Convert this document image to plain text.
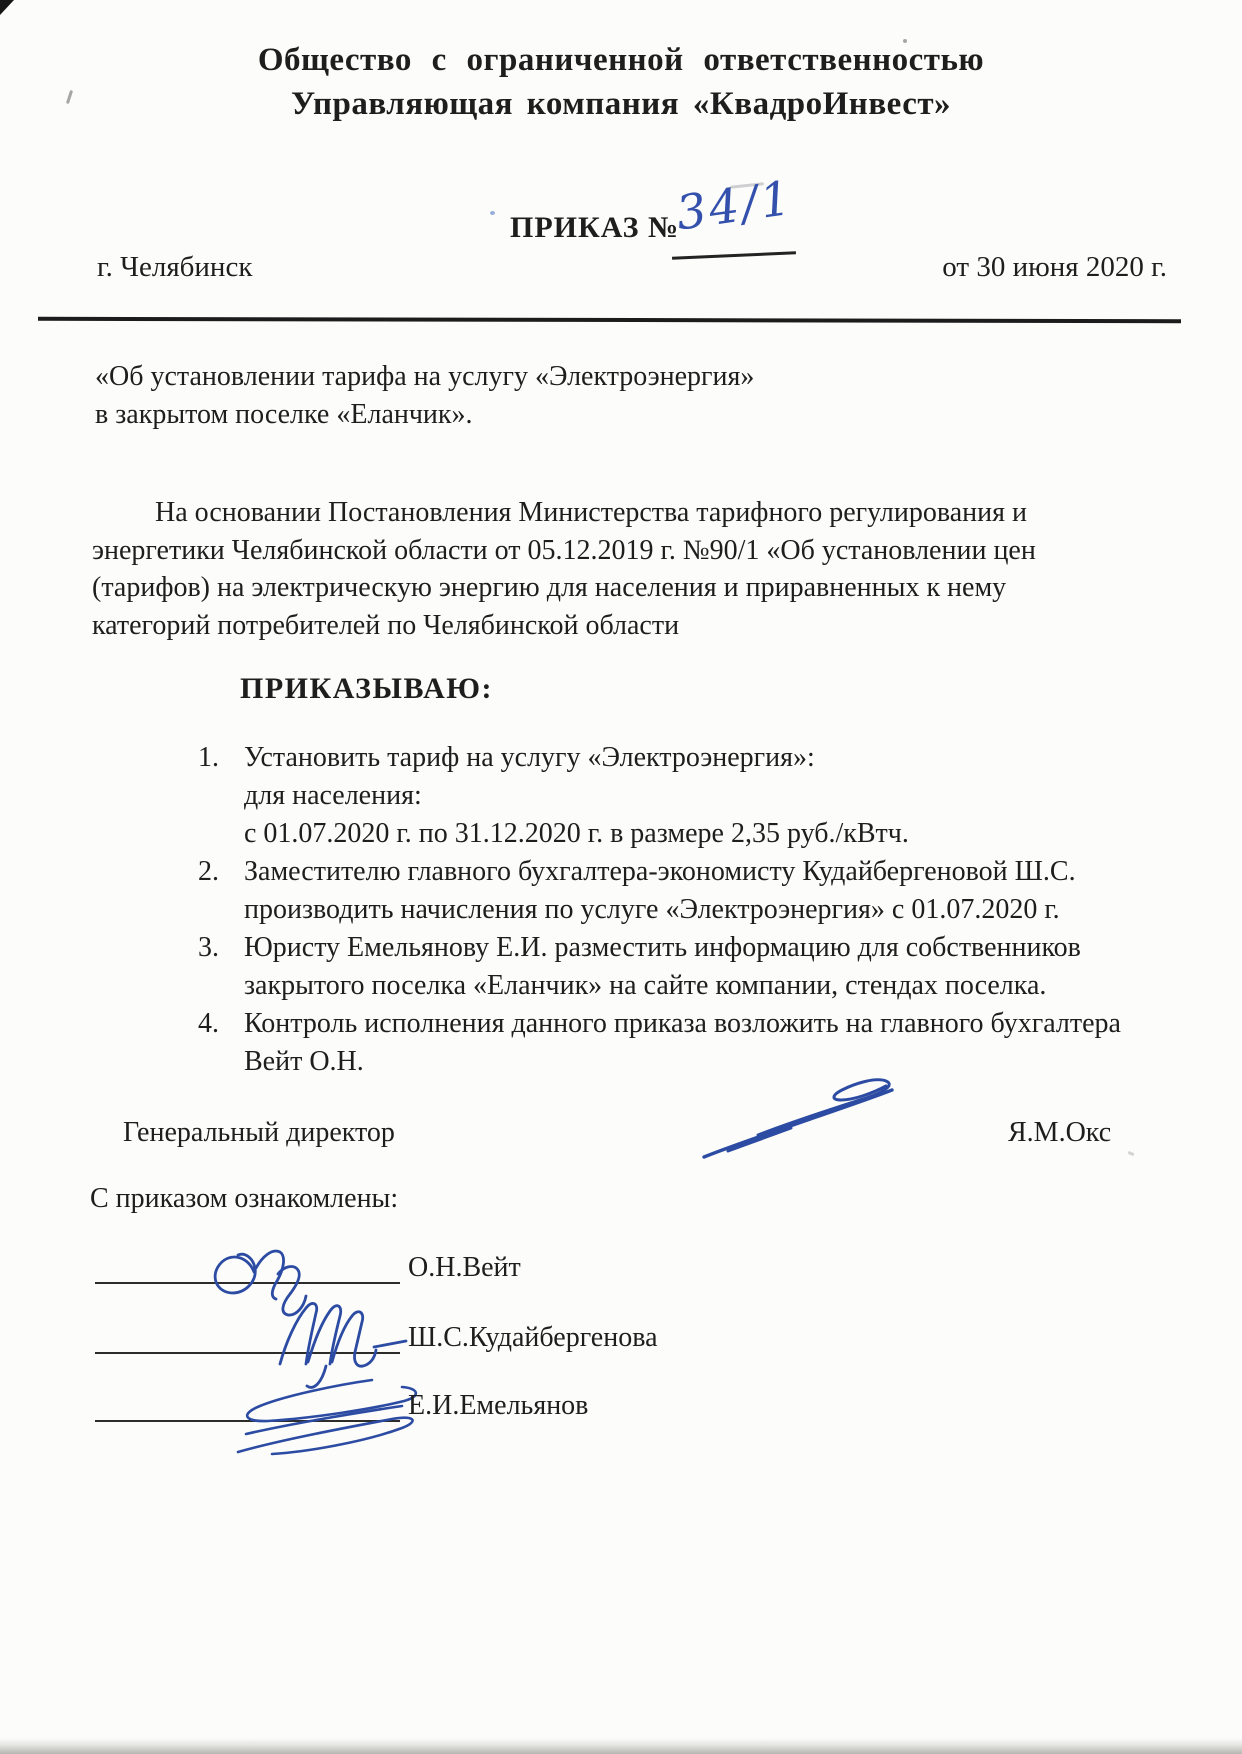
Общество с ограниченной ответственностью
Управляющая компания «КвадроИнвест»
ПРИКАЗ №
34/1
г. Челябинск	от 30 июня 2020 г.
«Об установлении тарифа на услугу «Электроэнергия»
в закрытом поселке «Еланчик».
На основании Постановления Министерства тарифного регулирования и
энергетики Челябинской области от 05.12.2019 г. №90/1 «Об установлении цен
(тарифов) на электрическую энергию для населения и приравненных к нему
категорий потребителей по Челябинской области
ПРИКАЗЫВАЮ:
1. Установить тариф на услугу «Электроэнергия»:
для населения:
с 01.07.2020 г. по 31.12.2020 г. в размере 2,35 руб./кВтч.
2. Заместителю главного бухгалтера-экономисту Кудайбергеновой Ш.С.
производить начисления по услуге «Электроэнергия» с 01.07.2020 г.
3. Юристу Емельянову Е.И. разместить информацию для собственников
закрытого поселка «Еланчик» на сайте компании, стендах поселка.
4. Контроль исполнения данного приказа возложить на главного бухгалтера
Вейт О.Н.
Генеральный директор	Я.М.Окс
С приказом ознакомлены:
О.Н.Вейт
Ш.С.Кудайбергенова
Е.И.Емельянов
